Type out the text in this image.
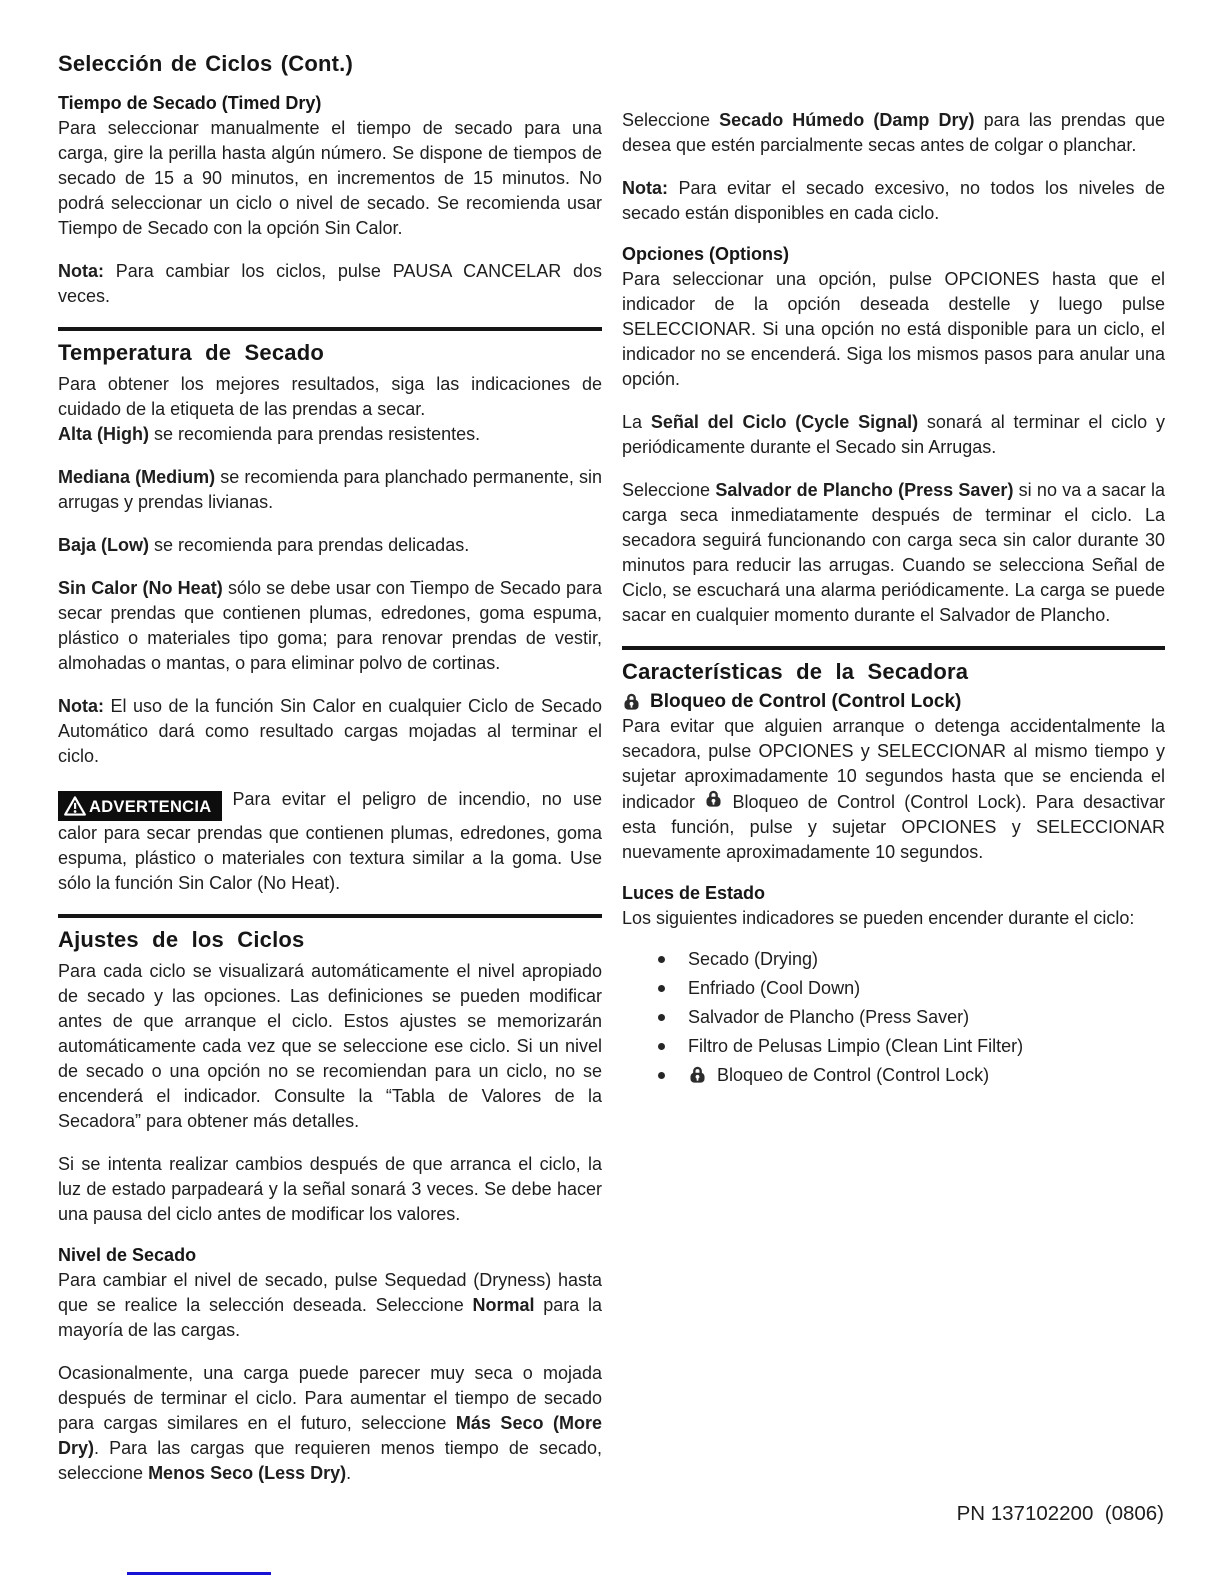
Selección de Ciclos (Cont.)
Tiempo de Secado (Timed Dry)

Para seleccionar manualmente el tiempo de secado para una carga, gire la perilla hasta algún número. Se dispone de tiempos de secado de 15 a 90 minutos, en incrementos de 15 minutos. No podrá seleccionar un ciclo o nivel de secado. Se recomienda usar Tiempo de Secado con la opción Sin Calor.

Nota: Para cambiar los ciclos, pulse PAUSA CANCELAR dos veces.

Temperatura de Secado

Para obtener los mejores resultados, siga las indicaciones de cuidado de la etiqueta de las prendas a secar.

Alta (High) se recomienda para prendas resistentes.

Mediana (Medium) se recomienda para planchado permanente, sin arrugas y prendas livianas.

Baja (Low) se recomienda para prendas delicadas.

Sin Calor (No Heat) sólo se debe usar con Tiempo de Secado para secar prendas que contienen plumas, edredones, goma espuma, plástico o materiales tipo goma; para renovar prendas de vestir, almohadas o mantas, o para eliminar polvo de cortinas.

Nota: El uso de la función Sin Calor en cualquier Ciclo de Secado Automático dará como resultado cargas mojadas al terminar el ciclo.

ADVERTENCIA Para evitar el peligro de incendio, no use calor para secar prendas que contienen plumas, edredones, goma espuma, plástico o materiales con textura similar a la goma. Use sólo la función Sin Calor (No Heat).

Ajustes de los Ciclos

Para cada ciclo se visualizará automáticamente el nivel apropiado de secado y las opciones. Las definiciones se pueden modificar antes de que arranque el ciclo. Estos ajustes se memorizarán automáticamente cada vez que se seleccione ese ciclo. Si un nivel de secado o una opción no se recomiendan para un ciclo, no se encenderá el indicador. Consulte la “Tabla de Valores de la Secadora” para obtener más detalles.

Si se intenta realizar cambios después de que arranca el ciclo, la luz de estado parpadeará y la señal sonará 3 veces. Se debe hacer una pausa del ciclo antes de modificar los valores.

Nivel de Secado

Para cambiar el nivel de secado, pulse Sequedad (Dryness) hasta que se realice la selección deseada. Seleccione Normal para la mayoría de las cargas.

Ocasionalmente, una carga puede parecer muy seca o mojada después de terminar el ciclo. Para aumentar el tiempo de secado para cargas similares en el futuro, seleccione Más Seco (More Dry). Para las cargas que requieren menos tiempo de secado, seleccione Menos Seco (Less Dry).

Seleccione Secado Húmedo (Damp Dry) para las prendas que desea que estén parcialmente secas antes de colgar o planchar.

Nota: Para evitar el secado excesivo, no todos los niveles de secado están disponibles en cada ciclo.

Opciones (Options)

Para seleccionar una opción, pulse OPCIONES hasta que el indicador de la opción deseada destelle y luego pulse SELECCIONAR. Si una opción no está disponible para un ciclo, el indicador no se encenderá. Siga los mismos pasos para anular una opción.

La Señal del Ciclo (Cycle Signal) sonará al terminar el ciclo y periódicamente durante el Secado sin Arrugas.

Seleccione Salvador de Plancho (Press Saver) si no va a sacar la carga seca inmediatamente después de terminar el ciclo. La secadora seguirá funcionando con carga seca sin calor durante 30 minutos para reducir las arrugas. Cuando se selecciona Señal de Ciclo, se escuchará una alarma periódicamente. La carga se puede sacar en cualquier momento durante el Salvador de Plancho.

Características de la Secadora
Bloqueo de Control (Control Lock)

Para evitar que alguien arranque o detenga accidentalmente la secadora, pulse OPCIONES y SELECCIONAR al mismo tiempo y sujetar aproximadamente 10 segundos hasta que se encienda el indicador  Bloqueo de Control (Control Lock). Para desactivar esta función, pulse y sujetar OPCIONES y SELECCIONAR nuevamente aproximadamente 10 segundos.

Luces de Estado

Los siguientes indicadores se pueden encender durante el ciclo:

Secado (Drying)
Enfriado (Cool Down)
Salvador de Plancho (Press Saver)
Filtro de Pelusas Limpio (Clean Lint Filter)
Bloqueo de Control (Control Lock)
PN 137102200  (0806)
